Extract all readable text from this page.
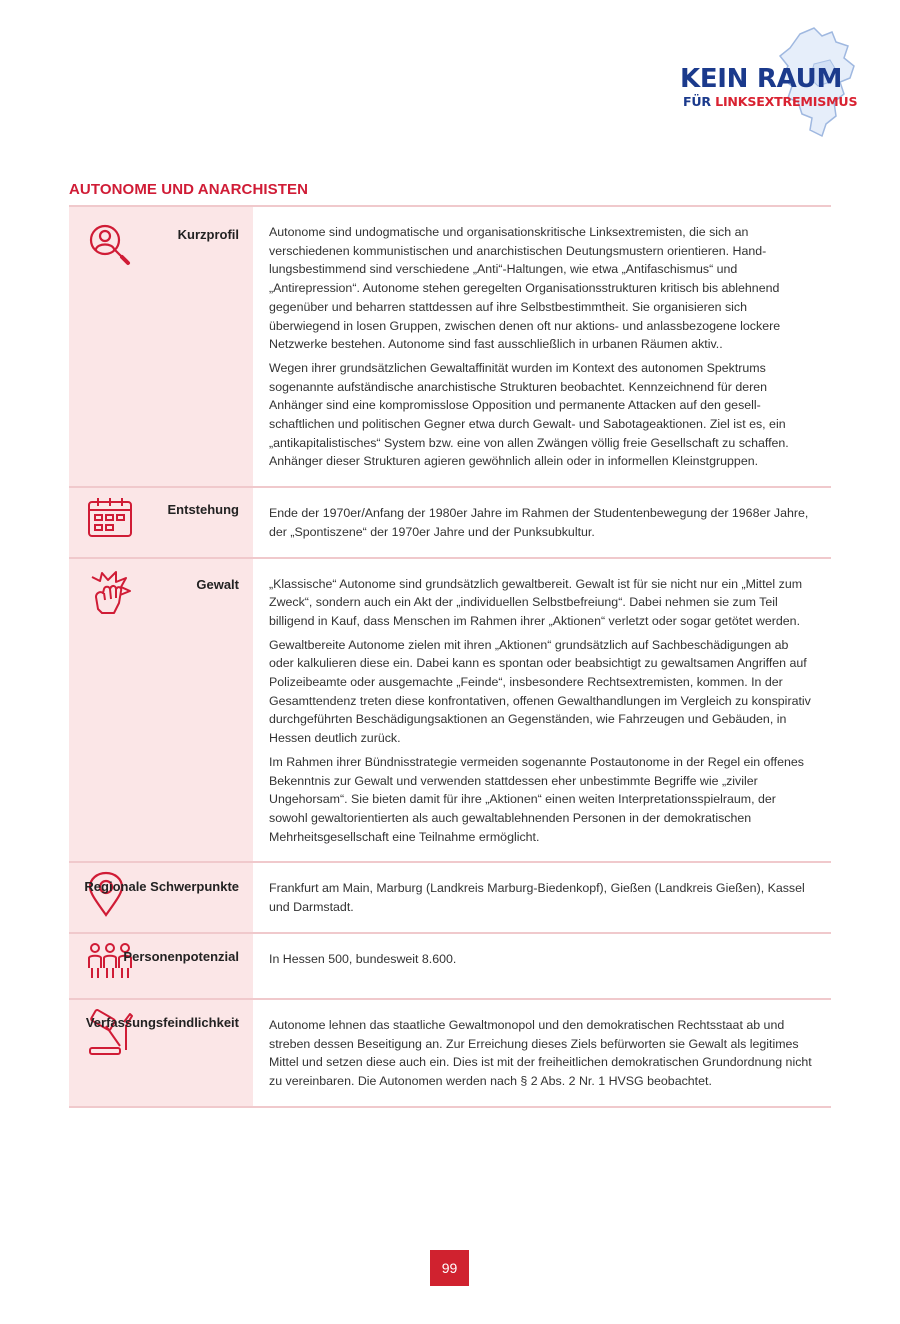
KEIN RAUM
FÜR LINKSEXTREMISMUS
AUTONOME UND ANARCHISTEN
Kurzprofil Autonome sind undogmatische und organisationskritische Linksextremisten, die sich an verschiedenen kommunistischen und anarchistischen Deutungsmustern orientieren. Handlungsbestimmend sind verschiedene „Anti“-Haltungen, wie etwa „Antifaschismus“ und „Antirepression“. Autonome stehen geregelten Organisationsstrukturen kritisch bis ablehnend gegenüber und beharren stattdessen auf ihre Selbstbestimmtheit. Sie organisieren sich überwiegend in losen Gruppen, zwischen denen oft nur aktions- und anlassbezogene lockere Netzwerke bestehen. Autonome sind fast ausschließlich in urbanen Räumen aktiv..

Wegen ihrer grundsätzlichen Gewaltaffinität wurden im Kontext des autonomen Spektrums sogenannte aufständische anarchistische Strukturen beobachtet. Kennzeichnend für deren Anhänger sind eine kompromisslose Opposition und permanente Attacken auf den gesellschaftlichen und politischen Gegner etwa durch Gewalt- und Sabotageaktionen. Ziel ist es, ein „antikapitalistisches“ System bzw. eine von allen Zwängen völlig freie Gesellschaft zu schaffen. Anhänger dieser Strukturen agieren gewöhnlich allein oder in informellen Kleinstgruppen.

Entstehung Ende der 1970er/Anfang der 1980er Jahre im Rahmen der Studentenbewegung der 1968er Jahre, der „Spontiszene“ der 1970er Jahre und der Punksubkultur.

Gewalt „Klassische“ Autonome sind grundsätzlich gewaltbereit. Gewalt ist für sie nicht nur ein „Mittel zum Zweck“, sondern auch ein Akt der „individuellen Selbstbefreiung“. Dabei nehmen sie zum Teil billigend in Kauf, dass Menschen im Rahmen ihrer „Aktionen“ verletzt oder sogar getötet werden.

Gewaltbereite Autonome zielen mit ihren „Aktionen“ grundsätzlich auf Sachbeschädigungen ab oder kalkulieren diese ein. Dabei kann es spontan oder beabsichtigt zu gewaltsamen Angriffen auf Polizeibeamte oder ausgemachte „Feinde“, insbesondere Rechtsextremisten, kommen. In der Gesamttendenz treten diese konfrontativen, offenen Gewalthandlungen im Vergleich zu konspirativ durchgeführten Beschädigungsaktionen an Gegenständen, wie Fahrzeugen und Gebäuden, in Hessen deutlich zurück.

Im Rahmen ihrer Bündnisstrategie vermeiden sogenannte Postautonome in der Regel ein offenes Bekenntnis zur Gewalt und verwenden stattdessen eher unbestimmte Begriffe wie „ziviler Ungehorsam“. Sie bieten damit für ihre „Aktionen“ einen weiten Interpretationsspielraum, der sowohl gewaltorientierten als auch gewaltablehnenden Personen in der demokratischen Mehrheitsgesellschaft eine Teilnahme ermöglicht.

Regionale Schwerpunkte Frankfurt am Main, Marburg (Landkreis Marburg-Biedenkopf), Gießen (Landkreis Gießen), Kassel und Darmstadt.

Personenpotenzial In Hessen 500, bundesweit 8.600.

Verfassungsfeindlichkeit Autonome lehnen das staatliche Gewaltmonopol und den demokratischen Rechtsstaat ab und streben dessen Beseitigung an. Zur Erreichung dieses Ziels befürworten sie Gewalt als legitimes Mittel und setzen diese auch ein. Dies ist mit der freiheitlichen demokratischen Grundordnung nicht zu vereinbaren. Die Autonomen werden nach § 2 Abs. 2 Nr. 1 HVSG beobachtet.

99
